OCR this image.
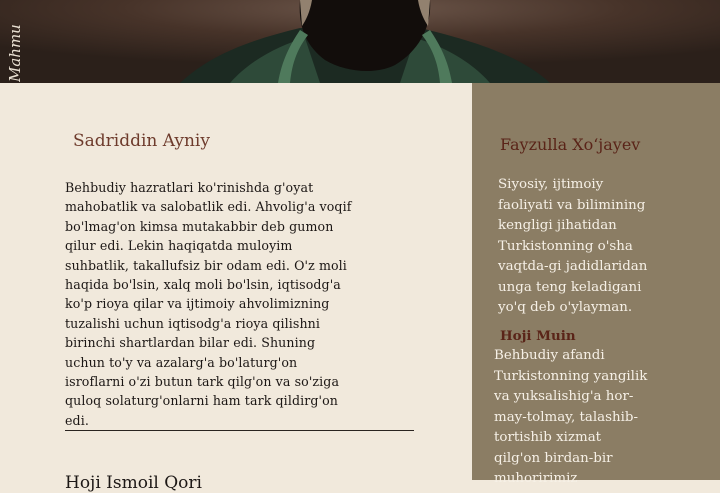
Mahmu
Sadriddin Ayniy
Behbudiy hazratlari ko'rinishda g'oyat
mahobatlik va salobatlik edi. Ahvolig'a voqif
bo'lmag'on kimsa mutakabbir deb gumon
qilur edi. Lekin haqiqatda muloyim
suhbatlik, takallufsiz bir odam edi. O'z moli
haqida bo'lsin, xalq moli bo'lsin, iqtisodg'a
ko'p rioya qilar va ijtimoiy ahvolimizning
tuzalishi uchun iqtisodg'a rioya qilishni
birinchi shartlardan bilar edi. Shuning
uchun to'y va azalarg'a bo'laturg'on
isroflarni o'zi butun tark qilg'on va so'ziga
quloq solaturg'onlarni ham tark qildirg'on
edi.
Hoji Ismoil Qori
Fayzulla Xoʻjayev
Siyosiy, ijtimoiy
faoliyati va bilimining
kengligi jihatidan
Turkistonning o'sha
vaqtda-gi jadidlaridan
unga teng keladigani
yo'q deb o'ylayman.
Hoji Muin
Behbudiy afandi
Turkistonning yangilik
va yuksalishig'a hor-
may-tolmay, talashib-
tortishib xizmat
qilg'on birdan-bir
muhoririmiz
